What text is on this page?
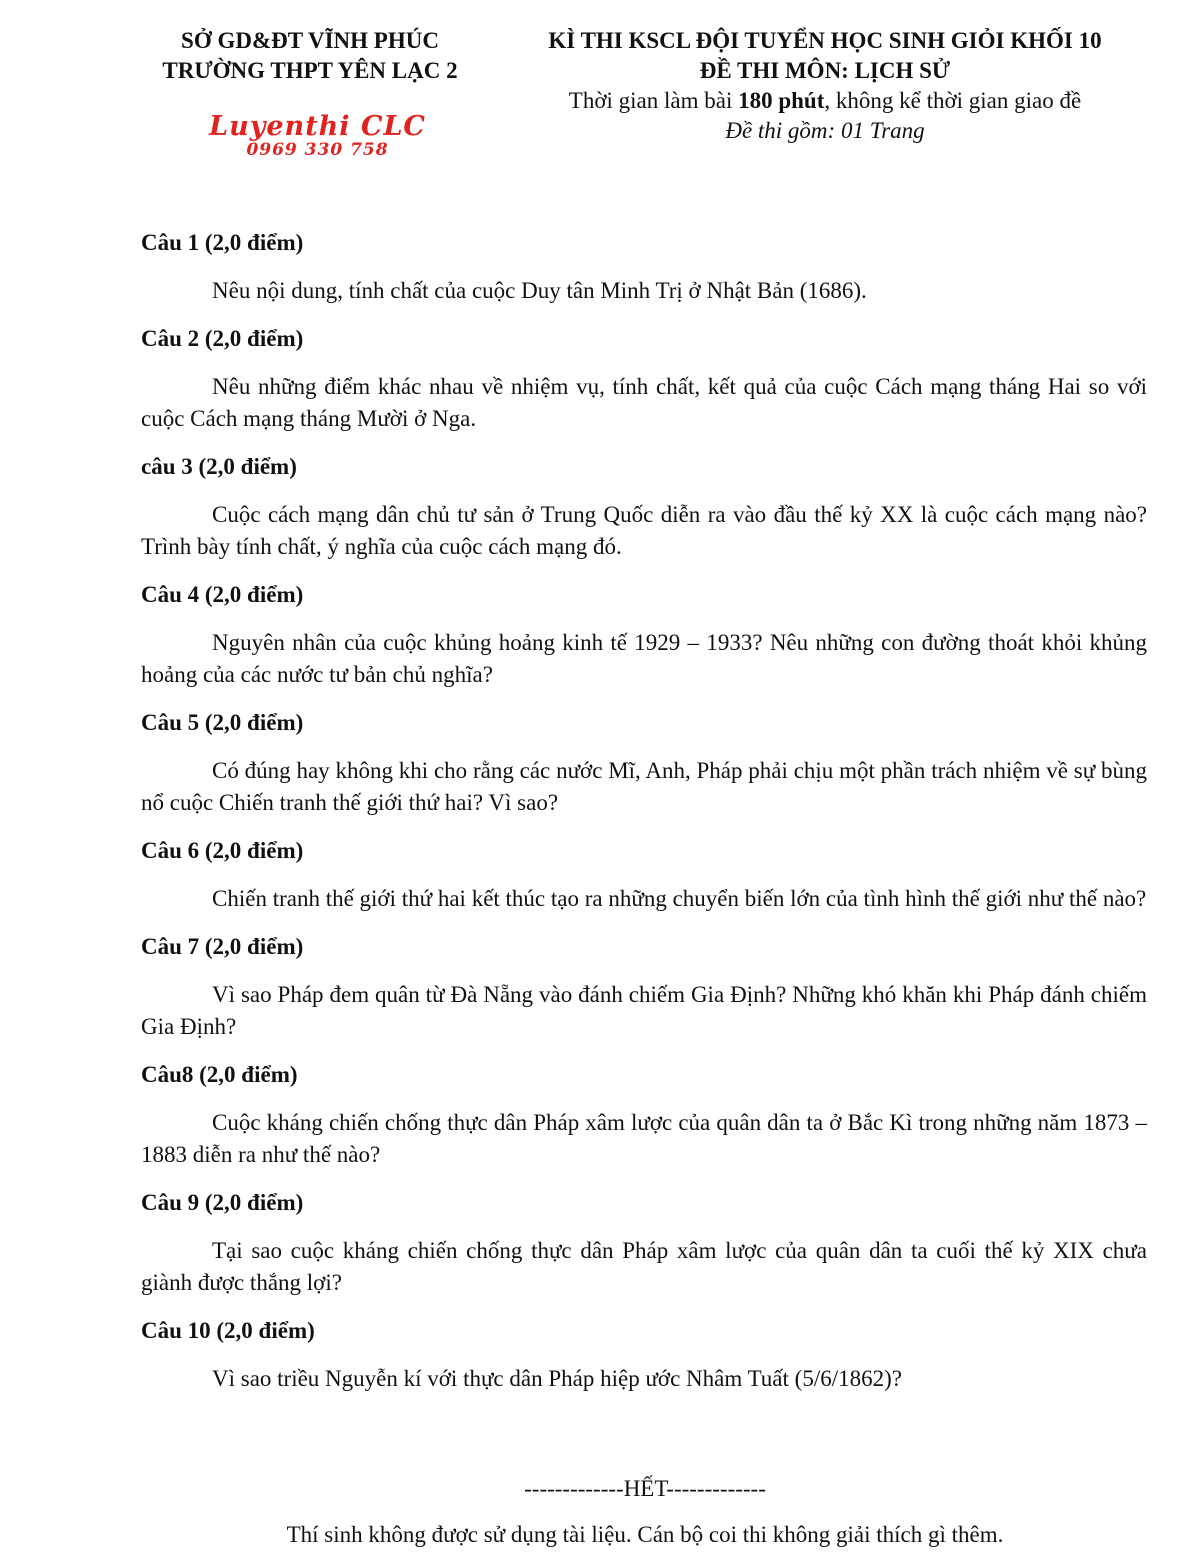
SỞ GD&ĐT VĨNH PHÚC
TRƯỜNG THPT YÊN LẠC 2
Luyenthi CLC
0969 330 758
KÌ THI KSCL ĐỘI TUYỂN HỌC SINH GIỎI KHỐI 10
ĐỀ THI MÔN: LỊCH SỬ
Thời gian làm bài 180 phút, không kể thời gian giao đề
Đề thi gồm: 01 Trang
Câu 1 (2,0 điểm)
Nêu nội dung, tính chất của cuộc Duy tân Minh Trị ở Nhật Bản (1686).
Câu 2 (2,0 điểm)
Nêu những điểm khác nhau về nhiệm vụ, tính chất, kết quả của cuộc Cách mạng tháng Hai so với cuộc Cách mạng tháng Mười ở Nga.
câu 3 (2,0 điểm)
Cuộc cách mạng dân chủ tư sản ở Trung Quốc diễn ra vào đầu thế kỷ XX là cuộc cách mạng nào? Trình bày tính chất, ý nghĩa của cuộc cách mạng đó.
Câu 4 (2,0 điểm)
Nguyên nhân của cuộc khủng hoảng kinh tế 1929 – 1933? Nêu những con đường thoát khỏi khủng hoảng của các nước tư bản chủ nghĩa?
Câu 5 (2,0 điểm)
Có đúng hay không khi cho rằng các nước Mĩ, Anh, Pháp phải chịu một phần trách nhiệm về sự bùng nổ cuộc Chiến tranh thế giới thứ hai? Vì sao?
Câu 6 (2,0 điểm)
Chiến tranh thế giới thứ hai kết thúc tạo ra những chuyển biến lớn của tình hình thế giới như thế nào?
Câu 7 (2,0 điểm)
Vì sao Pháp đem quân từ Đà Nẵng vào đánh chiếm Gia Định? Những khó khăn khi Pháp đánh chiếm Gia Định?
Câu8 (2,0 điểm)
Cuộc kháng chiến chống thực dân Pháp xâm lược của quân dân ta ở Bắc Kì trong những năm 1873 – 1883 diễn ra như thế nào?
Câu 9 (2,0 điểm)
Tại sao cuộc kháng chiến chống thực dân Pháp xâm lược của quân dân ta cuối thế kỷ XIX chưa giành được thắng lợi?
Câu 10 (2,0 điểm)
Vì sao triều Nguyễn kí với thực dân Pháp hiệp ước Nhâm Tuất (5/6/1862)?
-------------HẾT-------------
Thí sinh không được sử dụng tài liệu. Cán bộ coi thi không giải thích gì thêm.
